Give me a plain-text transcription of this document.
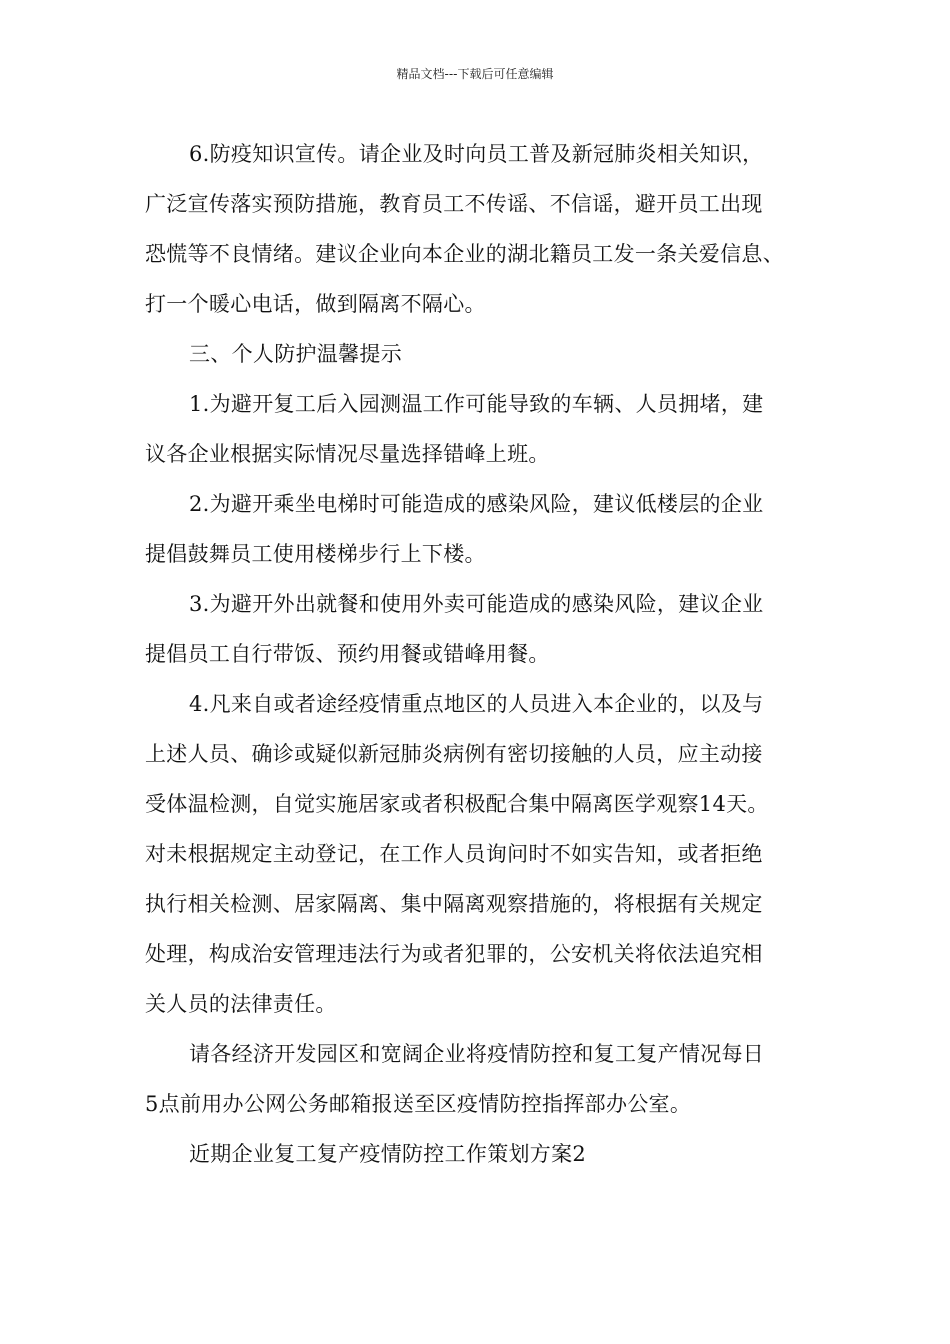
精品文档---下载后可任意编辑

6.防疫知识宣传。请企业及时向员工普及新冠肺炎相关知识，
广泛宣传落实预防措施，教育员工不传谣、不信谣，避开员工出现
恐慌等不良情绪。建议企业向本企业的湖北籍员工发一条关爱信息、
打一个暖心电话，做到隔离不隔心。

三、个人防护温馨提示

1.为避开复工后入园测温工作可能导致的车辆、人员拥堵，建
议各企业根据实际情况尽量选择错峰上班。

2.为避开乘坐电梯时可能造成的感染风险，建议低楼层的企业
提倡鼓舞员工使用楼梯步行上下楼。

3.为避开外出就餐和使用外卖可能造成的感染风险，建议企业
提倡员工自行带饭、预约用餐或错峰用餐。

4.凡来自或者途经疫情重点地区的人员进入本企业的，以及与
上述人员、确诊或疑似新冠肺炎病例有密切接触的人员，应主动接
受体温检测，自觉实施居家或者积极配合集中隔离医学观察14天。
对未根据规定主动登记，在工作人员询问时不如实告知，或者拒绝
执行相关检测、居家隔离、集中隔离观察措施的，将根据有关规定
处理，构成治安管理违法行为或者犯罪的，公安机关将依法追究相
关人员的法律责任。

请各经济开发园区和宽阔企业将疫情防控和复工复产情况每日
5点前用办公网公务邮箱报送至区疫情防控指挥部办公室。

近期企业复工复产疫情防控工作策划方案2
